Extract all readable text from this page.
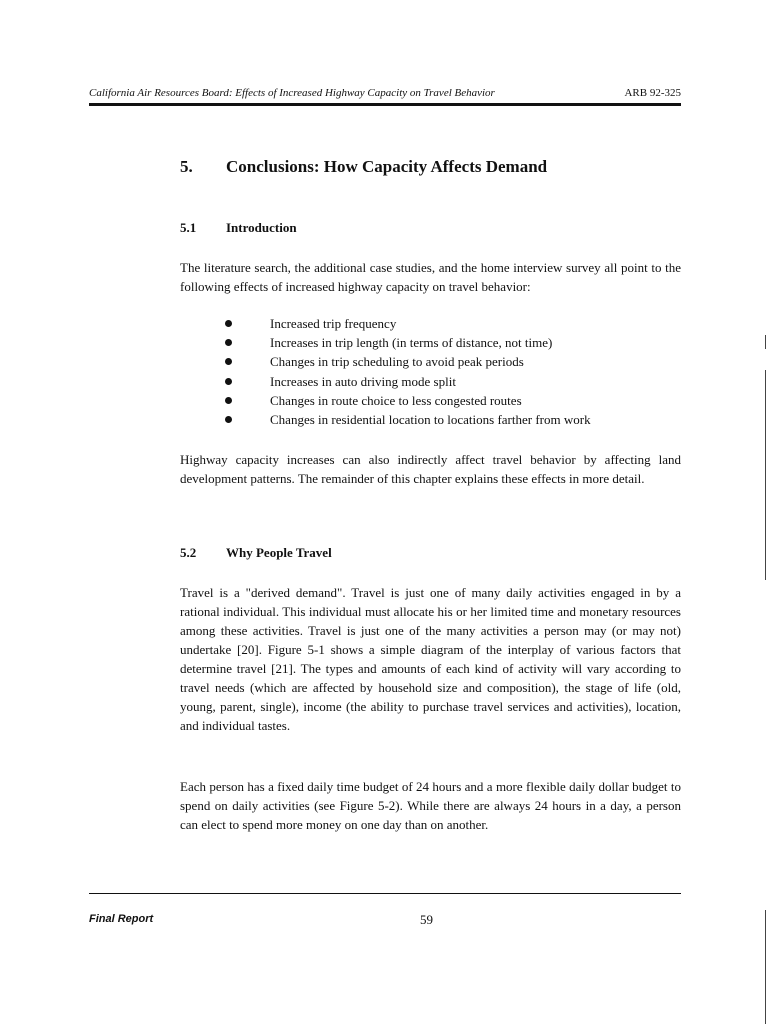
California Air Resources Board: Effects of Increased Highway Capacity on Travel Behavior	ARB 92-325
5. Conclusions: How Capacity Affects Demand
5.1 Introduction

The literature search, the additional case studies, and the home interview survey all point to the following effects of increased highway capacity on travel behavior:

Increased trip frequency
Increases in trip length (in terms of distance, not time)
Changes in trip scheduling to avoid peak periods
Increases in auto driving mode split
Changes in route choice to less congested routes
Changes in residential location to locations farther from work

Highway capacity increases can also indirectly affect travel behavior by affecting land development patterns. The remainder of this chapter explains these effects in more detail.

5.2 Why People Travel

Travel is a "derived demand". Travel is just one of many daily activities engaged in by a rational individual. This individual must allocate his or her limited time and monetary resources among these activities. Travel is just one of the many activities a person may (or may not) undertake [20]. Figure 5-1 shows a simple diagram of the interplay of various factors that determine travel [21]. The types and amounts of each kind of activity will vary according to travel needs (which are affected by household size and composition), the stage of life (old, young, parent, single), income (the ability to purchase travel services and activities), location, and individual tastes.

Each person has a fixed daily time budget of 24 hours and a more flexible daily dollar budget to spend on daily activities (see Figure 5-2). While there are always 24 hours in a day, a person can elect to spend more money on one day than on another.

Final Report	59
